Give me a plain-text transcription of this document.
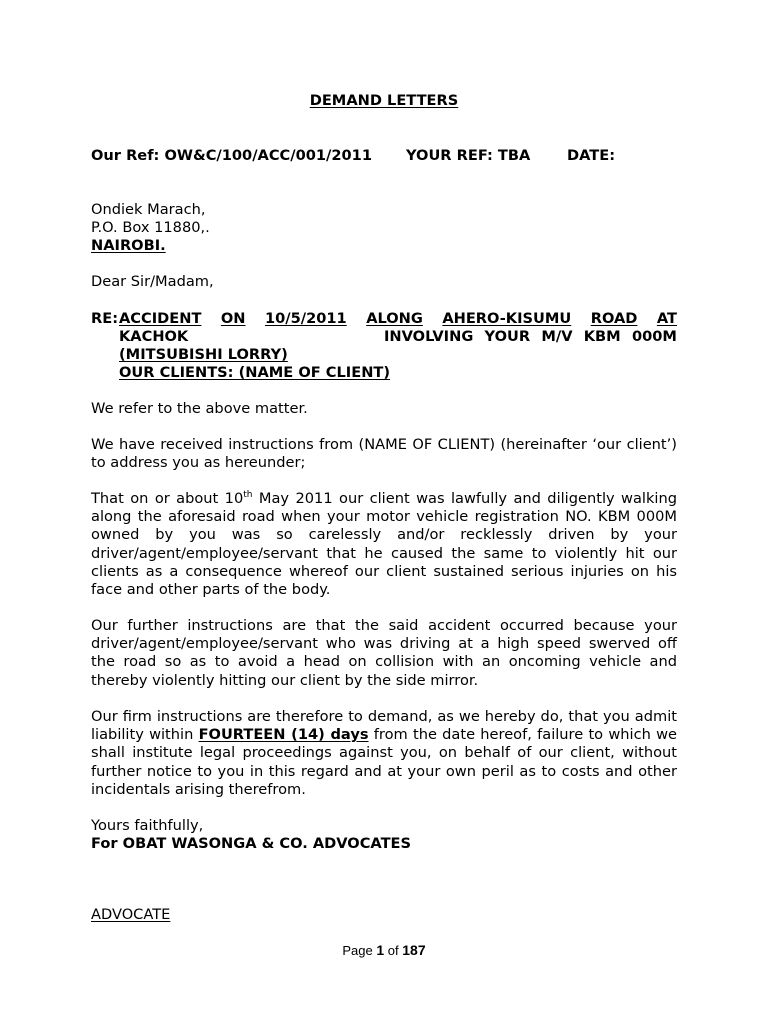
DEMAND LETTERS
Our Ref: OW&C/100/ACC/001/2011 YOUR REF: TBA	DATE:
Ondiek Marach,
P.O. Box 11880,.
NAIROBI.
Dear Sir/Madam,
RE: ACCIDENT ON 10/5/2011 ALONG AHERO-KISUMU ROAD AT
KACHOK	INVOLVING YOUR M/V KBM 000M
(MITSUBISHI LORRY)
OUR CLIENTS: (NAME OF CLIENT)

We refer to the above matter.

We have received instructions from (NAME OF CLIENT) (hereinafter ‘our client’) to address you as hereunder;

That on or about 10th May 2011 our client was lawfully and diligently walking along the aforesaid road when your motor vehicle registration NO. KBM 000M owned by you was so carelessly and/or recklessly driven by your driver/agent/employee/servant that he caused the same to violently hit our clients as a consequence whereof our client sustained serious injuries on his face and other parts of the body.

Our further instructions are that the said accident occurred because your driver/agent/employee/servant who was driving at a high speed swerved off the road so as to avoid a head on collision with an oncoming vehicle and thereby violently hitting our client by the side mirror.

Our firm instructions are therefore to demand, as we hereby do, that you admit liability within FOURTEEN (14) days from the date hereof, failure to which we shall institute legal proceedings against you, on behalf of our client, without further notice to you in this regard and at your own peril as to costs and other incidentals arising therefrom.

Yours faithfully,
For OBAT WASONGA & CO. ADVOCATES
ADVOCATE
Page 1 of 187
